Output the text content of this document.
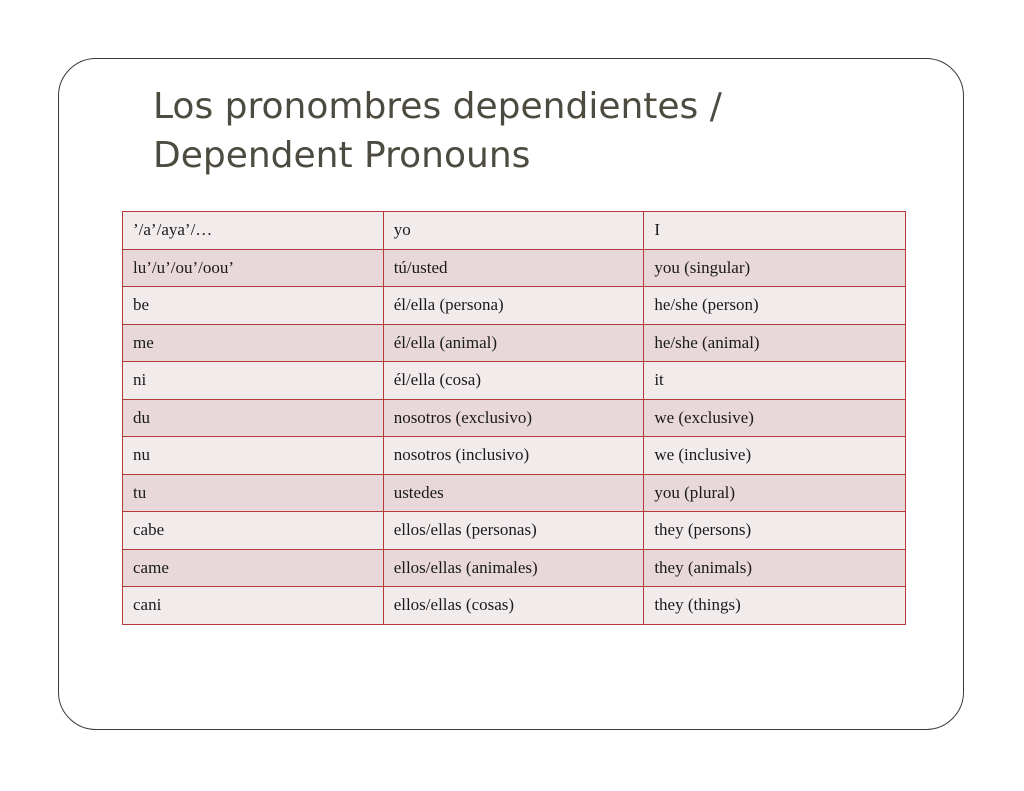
Los pronombres dependientes /
Dependent Pronouns
’/a’/aya’/…	yo	I
lu’/u’/ou’/oou’	tú/usted	you (singular)
be	él/ella (persona)	he/she (person)
me	él/ella (animal)	he/she (animal)
ni	él/ella (cosa)	it
du	nosotros (exclusivo)	we (exclusive)
nu	nosotros (inclusivo)	we (inclusive)
tu	ustedes	you (plural)
cabe	ellos/ellas (personas)	they (persons)
came	ellos/ellas (animales)	they (animals)
cani	ellos/ellas (cosas)	they (things)
